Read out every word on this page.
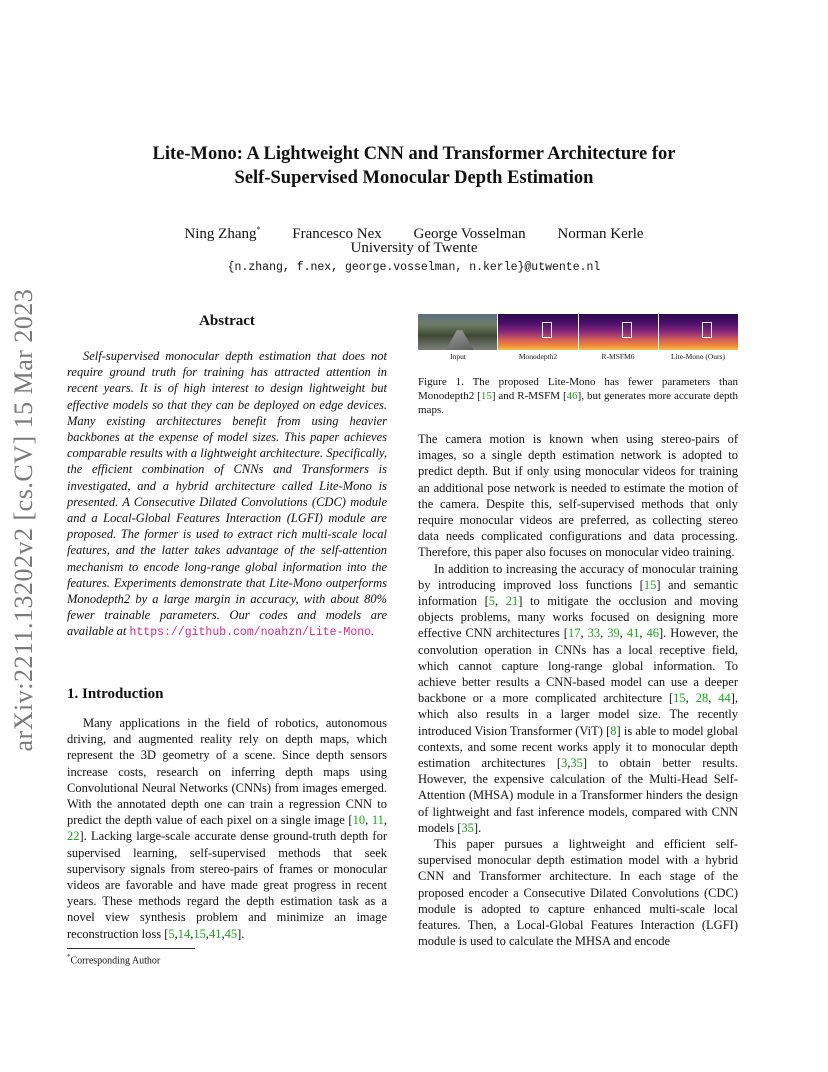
arXiv:2211.13202v2 [cs.CV] 15 Mar 2023
Lite-Mono: A Lightweight CNN and Transformer Architecture for
Self-Supervised Monocular Depth Estimation
Ning Zhang* Francesco Nex George Vosselman Norman Kerle
University of Twente
{n.zhang, f.nex, george.vosselman, n.kerle}@utwente.nl
Abstract

Self-supervised monocular depth estimation that does not require ground truth for training has attracted attention in recent years. It is of high interest to design lightweight but effective models so that they can be deployed on edge devices. Many existing architectures benefit from using heavier backbones at the expense of model sizes. This paper achieves comparable results with a lightweight architecture. Specifically, the efficient combination of CNNs and Transformers is investigated, and a hybrid architecture called Lite-Mono is presented. A Consecutive Dilated Convolutions (CDC) module and a Local-Global Features Interaction (LGFI) module are proposed. The former is used to extract rich multi-scale local features, and the latter takes advantage of the self-attention mechanism to encode long-range global information into the features. Experiments demonstrate that Lite-Mono outperforms Monodepth2 by a large margin in accuracy, with about 80% fewer trainable parameters. Our codes and models are available at https://github.com/noahzn/Lite-Mono.

1. Introduction

Many applications in the field of robotics, autonomous driving, and augmented reality rely on depth maps, which represent the 3D geometry of a scene. Since depth sensors increase costs, research on inferring depth maps using Convolutional Neural Networks (CNNs) from images emerged. With the annotated depth one can train a regression CNN to predict the depth value of each pixel on a single image [10, 11, 22]. Lacking large-scale accurate dense ground-truth depth for supervised learning, self-supervised methods that seek supervisory signals from stereo-pairs of frames or monocular videos are favorable and have made great progress in recent years. These methods regard the depth estimation task as a novel view synthesis problem and minimize an image reconstruction loss [5,14,15,41,45].

*Corresponding Author
Input	Monodepth2	R-MSFM6	Lite-Mono (Ours)
Figure 1. The proposed Lite-Mono has fewer parameters than Monodepth2 [15] and R-MSFM [46], but generates more accurate depth maps.

The camera motion is known when using stereo-pairs of images, so a single depth estimation network is adopted to predict depth. But if only using monocular videos for training an additional pose network is needed to estimate the motion of the camera. Despite this, self-supervised methods that only require monocular videos are preferred, as collecting stereo data needs complicated configurations and data processing. Therefore, this paper also focuses on monocular video training.

In addition to increasing the accuracy of monocular training by introducing improved loss functions [15] and semantic information [5, 21] to mitigate the occlusion and moving objects problems, many works focused on designing more effective CNN architectures [17, 33, 39, 41, 46]. However, the convolution operation in CNNs has a local receptive field, which cannot capture long-range global information. To achieve better results a CNN-based model can use a deeper backbone or a more complicated architecture [15, 28, 44], which also results in a larger model size. The recently introduced Vision Transformer (ViT) [8] is able to model global contexts, and some recent works apply it to monocular depth estimation architectures [3,35] to obtain better results. However, the expensive calculation of the Multi-Head Self-Attention (MHSA) module in a Transformer hinders the design of lightweight and fast inference models, compared with CNN models [35].

This paper pursues a lightweight and efficient self-supervised monocular depth estimation model with a hybrid CNN and Transformer architecture. In each stage of the proposed encoder a Consecutive Dilated Convolutions (CDC) module is adopted to capture enhanced multi-scale local features. Then, a Local-Global Features Interaction (LGFI) module is used to calculate the MHSA and encode
